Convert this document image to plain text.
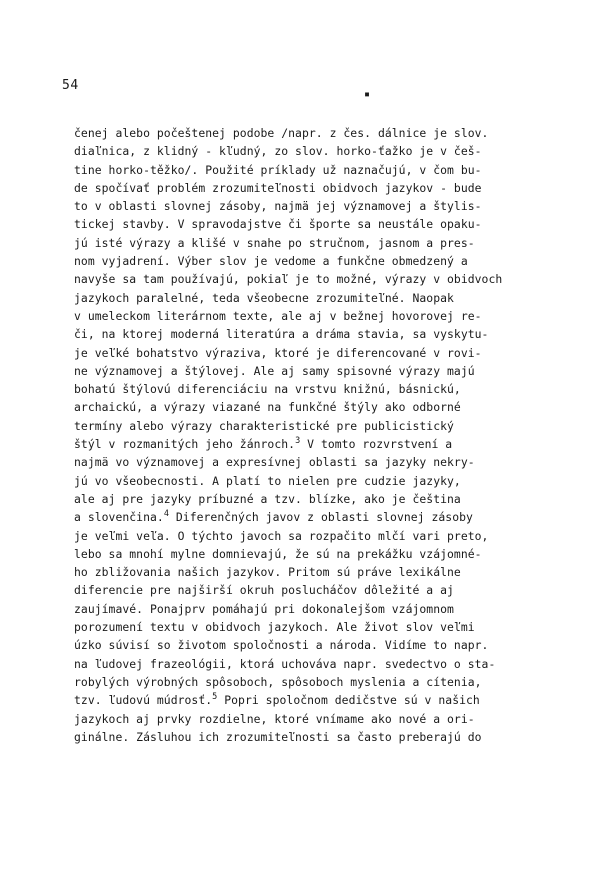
54
▪
čenej alebo počeštenej podobe /napr. z čes. dálnice je slov.
diaľnica, z klidný - kľudný, zo slov. horko-ťažko je v češ-
tine horko-těžko/. Použité príklady už naznačujú, v čom bu-
de spočívať problém zrozumiteľnosti obidvoch jazykov - bude
to v oblasti slovnej zásoby, najmä jej významovej a štylis-
tickej stavby. V spravodajstve či športe sa neustále opaku-
jú isté výrazy a klišé v snahe po stručnom, jasnom a pres-
nom vyjadrení. Výber slov je vedome a funkčne obmedzený a
navyše sa tam používajú, pokiaľ je to možné, výrazy v obidvoch
jazykoch paralelné, teda všeobecne zrozumiteľné. Naopak
v umeleckom literárnom texte, ale aj v bežnej hovorovej re-
či, na ktorej moderná literatúra a dráma stavia, sa vyskytu-
je veľké bohatstvo výraziva, ktoré je diferencované v rovi-
ne významovej a štýlovej. Ale aj samy spisovné výrazy majú
bohatú štýlovú diferenciáciu na vrstvu knižnú, básnickú,
archaickú, a výrazy viazané na funkčné štýly ako odborné
termíny alebo výrazy charakteristické pre publicistický
štýl v rozmanitých jeho žánroch.$^3$ V tomto rozvrstvení a
najmä vo významovej a expresívnej oblasti sa jazyky nekry-
jú vo všeobecnosti. A platí to nielen pre cudzie jazyky,
ale aj pre jazyky príbuzné a tzv. blízke, ako je čeština
a slovenčina.$^4$ Diferenčných javov z oblasti slovnej zásoby
je veľmi veľa. O týchto javoch sa rozpačito mlčí vari preto,
lebo sa mnohí mylne domnievajú, že sú na prekážku vzájomné-
ho zbližovania našich jazykov. Pritom sú práve lexikálne
diferencie pre najširší okruh poslucháčov dôležité a aj
zaujímavé. Ponajprv pomáhajú pri dokonalejšom vzájomnom
porozumení textu v obidvoch jazykoch. Ale život slov veľmi
úzko súvisí so životom spoločnosti a národa. Vidíme to napr.
na ľudovej frazeológii, ktorá uchováva napr. svedectvo o sta-
robylých výrobných spôsoboch, spôsoboch myslenia a cítenia,
tzv. ľudovú múdrosť.$^5$ Popri spoločnom dedičstve sú v našich
jazykoch aj prvky rozdielne, ktoré vnímame ako nové a ori-
ginálne. Zásluhou ich zrozumiteľnosti sa často preberajú do
